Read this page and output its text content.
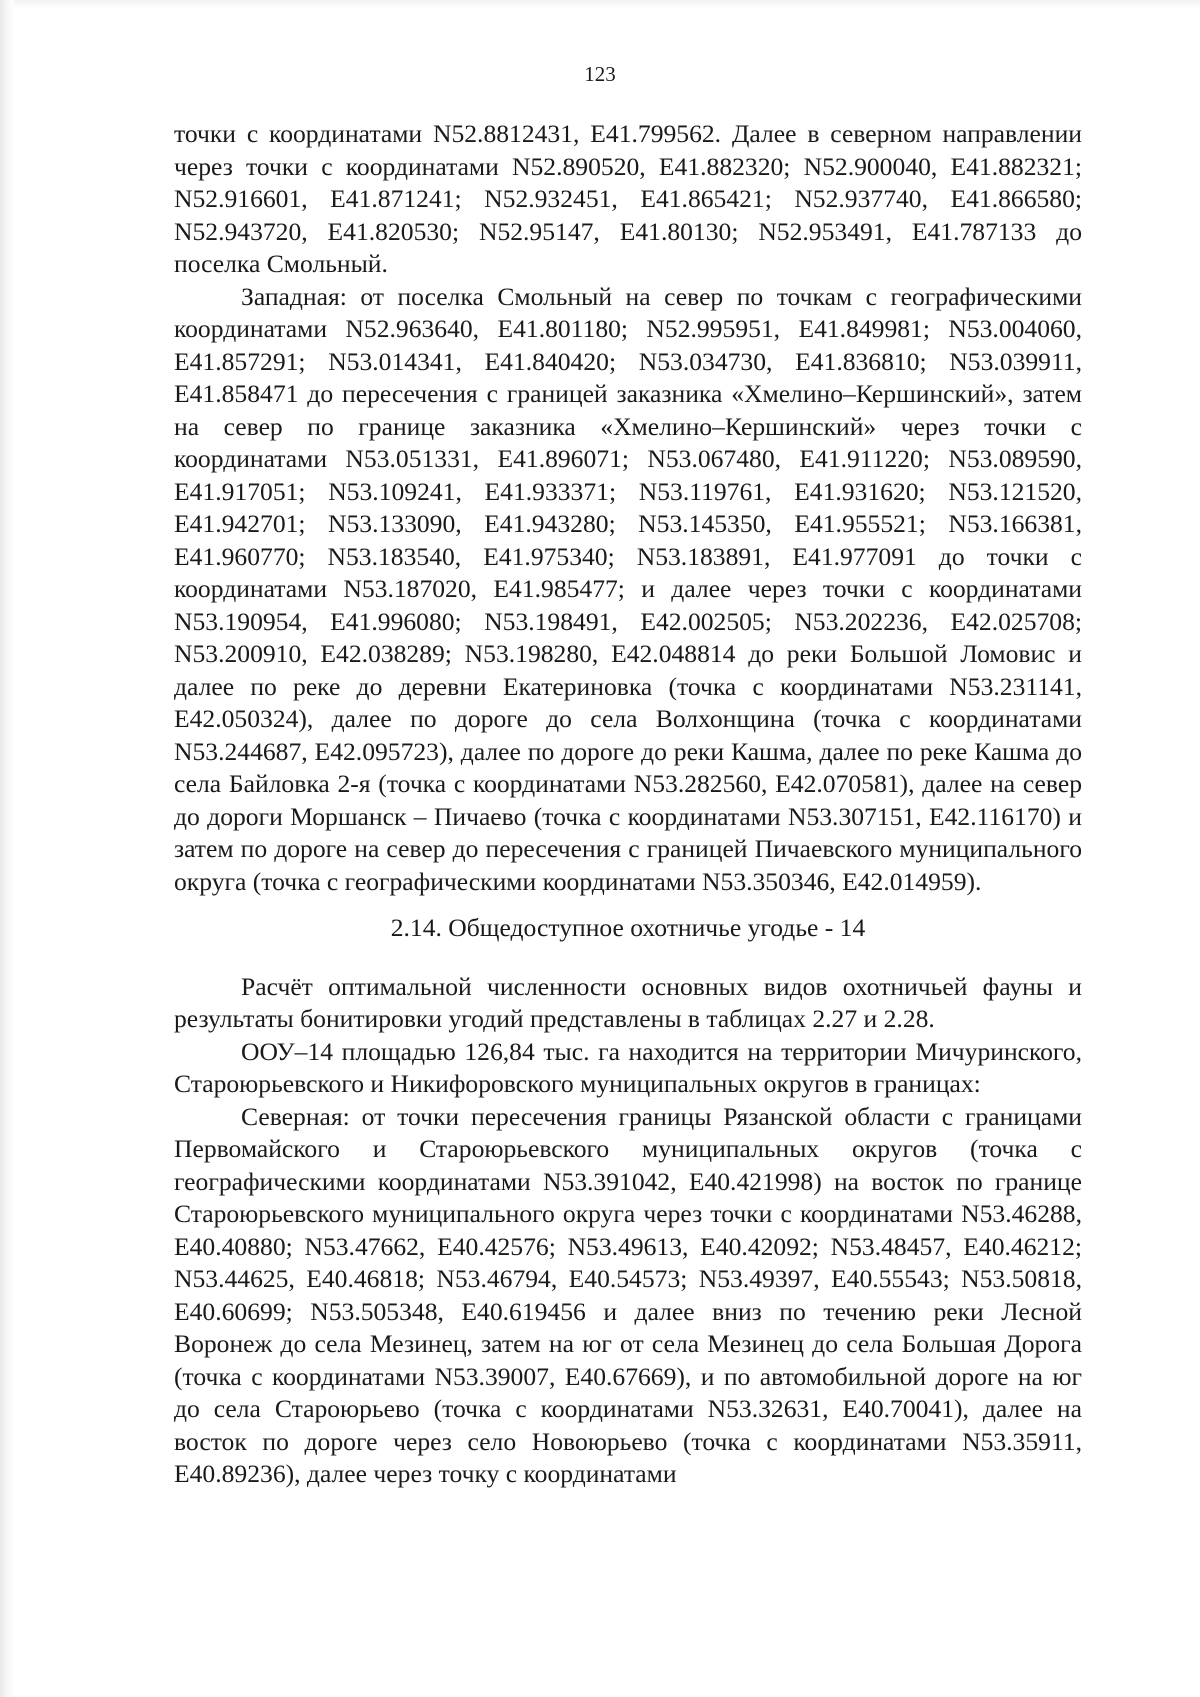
123

точки с координатами N52.8812431, E41.799562. Далее в северном направлении через точки с координатами N52.890520, E41.882320; N52.900040, E41.882321; N52.916601, E41.871241; N52.932451, E41.865421; N52.937740, E41.866580; N52.943720, E41.820530; N52.95147, E41.80130; N52.953491, E41.787133 до поселка Смольный.

Западная: от поселка Смольный на север по точкам с географическими координатами N52.963640, E41.801180; N52.995951, E41.849981; N53.004060, E41.857291; N53.014341, E41.840420; N53.034730, E41.836810; N53.039911, E41.858471 до пересечения с границей заказника «Хмелино–Кершинский», затем на север по границе заказника «Хмелино–Кершинский» через точки с координатами N53.051331, E41.896071; N53.067480, E41.911220; N53.089590, E41.917051; N53.109241, E41.933371; N53.119761, E41.931620; N53.121520, E41.942701; N53.133090, E41.943280; N53.145350, E41.955521; N53.166381, E41.960770; N53.183540, E41.975340; N53.183891, E41.977091 до точки с координатами N53.187020, E41.985477; и далее через точки с координатами N53.190954, E41.996080; N53.198491, E42.002505; N53.202236, E42.025708; N53.200910, E42.038289; N53.198280, E42.048814 до реки Большой Ломовис и далее по реке до деревни Екатериновка (точка с координатами N53.231141, E42.050324), далее по дороге до села Волхонщина (точка с координатами N53.244687, E42.095723), далее по дороге до реки Кашма, далее по реке Кашма до села Байловка 2-я (точка с координатами N53.282560, E42.070581), далее на север до дороги Моршанск – Пичаево (точка с координатами N53.307151, E42.116170) и затем по дороге на север до пересечения с границей Пичаевского муниципального округа (точка с географическими координатами N53.350346, E42.014959).

2.14. Общедоступное охотничье угодье - 14

Расчёт оптимальной численности основных видов охотничьей фауны и результаты бонитировки угодий представлены в таблицах 2.27 и 2.28.

ООУ–14 площадью 126,84 тыс. га находится на территории Мичуринского, Староюрьевского и Никифоровского муниципальных округов в границах:

Северная: от точки пересечения границы Рязанской области с границами Первомайского и Староюрьевского муниципальных округов (точка с географическими координатами N53.391042, E40.421998) на восток по границе Староюрьевского муниципального округа через точки с координатами N53.46288, E40.40880; N53.47662, E40.42576; N53.49613, E40.42092; N53.48457, E40.46212; N53.44625, E40.46818; N53.46794, E40.54573; N53.49397, E40.55543; N53.50818, E40.60699; N53.505348, E40.619456 и далее вниз по течению реки Лесной Воронеж до села Мезинец, затем на юг от села Мезинец до села Большая Дорога (точка с координатами N53.39007, E40.67669), и по автомобильной дороге на юг до села Староюрьево (точка с координатами N53.32631, E40.70041), далее на восток по дороге через село Новоюрьево (точка с координатами N53.35911, E40.89236), далее через точку с координатами
